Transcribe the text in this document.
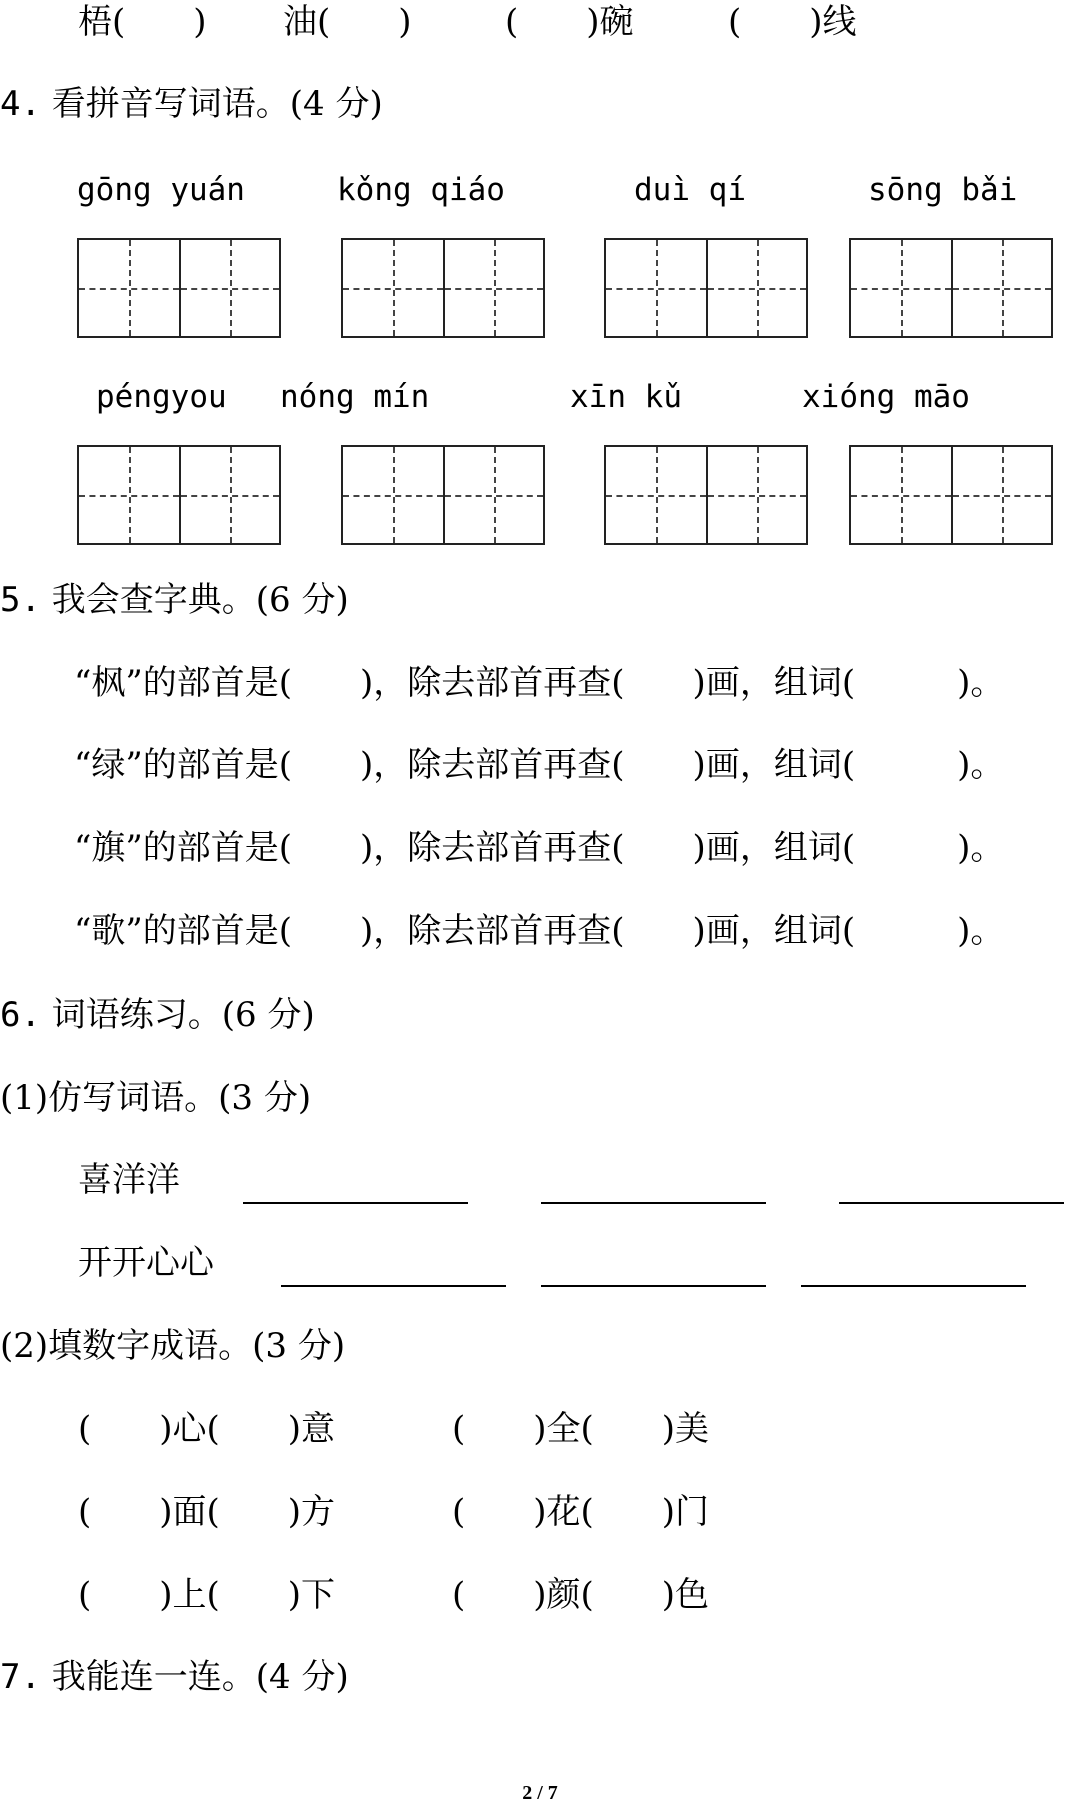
梧(　　) 油(　　)	(　　)碗	(　　)线
4. 看拼音写词语。(4 分)
gōng yuán	kǒng qiáo	duì qí	sōng bǎi
péngyou nóng mín	xīn kǔ	xióng māo
5. 我会查字典。(6 分)
“枫”的部首是(　　)，除去部首再查(　　)画，组词(　　　)。
“绿”的部首是(　　)，除去部首再查(　　)画，组词(　　　)。
“旗”的部首是(　　)，除去部首再查(　　)画，组词(　　　)。
“歌”的部首是(　　)，除去部首再查(　　)画，组词(　　　)。
6. 词语练习。(6 分)
(1)仿写词语。(3 分)
喜洋洋
开开心心
(2)填数字成语。(3 分)
(　　)心(　　)意	(　　)全(　　)美
(　　)面(　　)方	(　　)花(　　)门
(　　)上(　　)下	(　　)颜(　　)色
7. 我能连一连。(4 分)
2 / 7
